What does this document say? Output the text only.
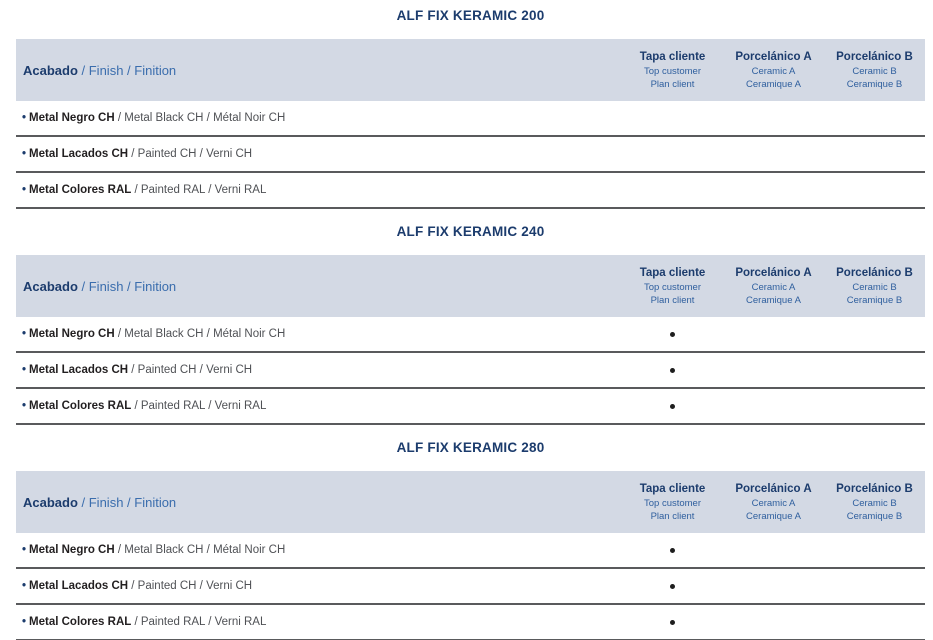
ALF FIX KERAMIC 200
Acabado / Finish / Finition
Tapa cliente
Top customer
Plan client
Porcelánico A
Ceramic A
Ceramique A
Porcelánico B
Ceramic B
Ceramique B
• Metal Negro CH / Metal Black CH / Métal Noir CH
• Metal Lacados CH / Painted CH / Verni CH
• Metal Colores RAL / Painted RAL / Verni RAL
ALF FIX KERAMIC 240
Acabado / Finish / Finition
Tapa cliente
Top customer
Plan client
Porcelánico A
Ceramic A
Ceramique A
Porcelánico B
Ceramic B
Ceramique B
• Metal Negro CH / Metal Black CH / Métal Noir CH
• Metal Lacados CH / Painted CH / Verni CH
• Metal Colores RAL / Painted RAL / Verni RAL
ALF FIX KERAMIC 280
Acabado / Finish / Finition
Tapa cliente
Top customer
Plan client
Porcelánico A
Ceramic A
Ceramique A
Porcelánico B
Ceramic B
Ceramique B
• Metal Negro CH / Metal Black CH / Métal Noir CH
• Metal Lacados CH / Painted CH / Verni CH
• Metal Colores RAL / Painted RAL / Verni RAL
